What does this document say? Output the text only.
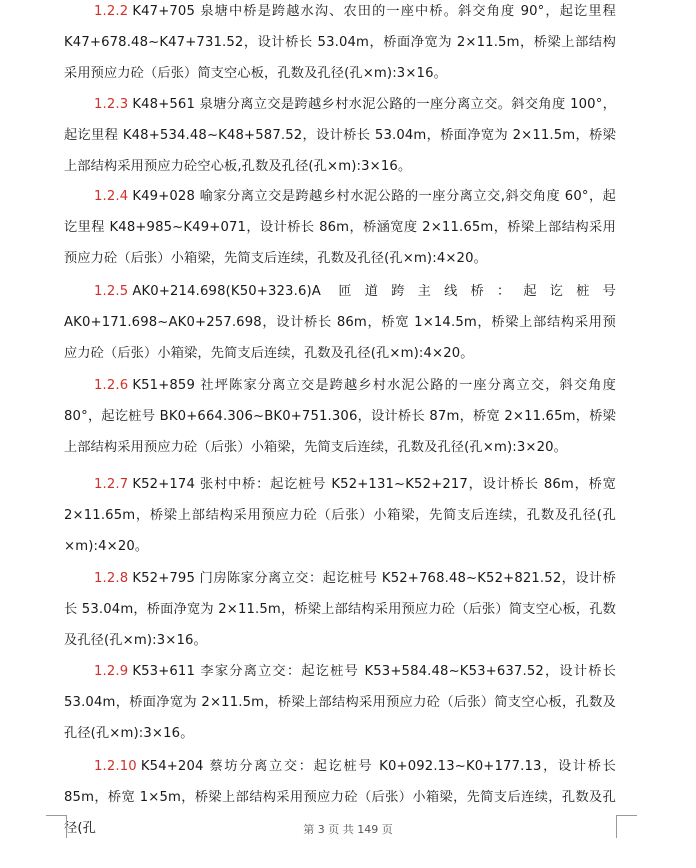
1.2.2 K47+705 泉塘中桥是跨越水沟、农田的一座中桥。斜交角度 90°，起讫里程 K47+678.48~K47+731.52，设计桥长 53.04m，桥面净宽为 2×11.5m，桥梁上部结构采用预应力砼（后张）简支空心板，孔数及孔径(孔×m):3×16。
1.2.3 K48+561 泉塘分离立交是跨越乡村水泥公路的一座分离立交。斜交角度 100°，起讫里程 K48+534.48~K48+587.52，设计桥长 53.04m，桥面净宽为 2×11.5m，桥梁上部结构采用预应力砼空心板,孔数及孔径(孔×m):3×16。
1.2.4 K49+028 喻家分离立交是跨越乡村水泥公路的一座分离立交,斜交角度 60°，起讫里程 K48+985~K49+071，设计桥长 86m，桥涵宽度 2×11.65m，桥梁上部结构采用预应力砼（后张）小箱梁，先简支后连续，孔数及孔径(孔×m):4×20。
1.2.5 AK0+214.698(K50+323.6)A 匝道跨主线桥：起讫桩号 AK0+171.698~AK0+257.698，设计桥长 86m，桥宽 1×14.5m，桥梁上部结构采用预应力砼（后张）小箱梁，先简支后连续，孔数及孔径(孔×m):4×20。
1.2.6 K51+859 社坪陈家分离立交是跨越乡村水泥公路的一座分离立交，斜交角度 80°，起讫桩号 BK0+664.306~BK0+751.306，设计桥长 87m，桥宽 2×11.65m，桥梁上部结构采用预应力砼（后张）小箱梁，先简支后连续，孔数及孔径(孔×m):3×20。
1.2.7 K52+174 张村中桥：起讫桩号 K52+131~K52+217，设计桥长 86m，桥宽 2×11.65m，桥梁上部结构采用预应力砼（后张）小箱梁，先简支后连续，孔数及孔径(孔×m):4×20。
1.2.8 K52+795 门房陈家分离立交：起讫桩号 K52+768.48~K52+821.52，设计桥长 53.04m，桥面净宽为 2×11.5m，桥梁上部结构采用预应力砼（后张）简支空心板，孔数及孔径(孔×m):3×16。
1.2.9 K53+611 李家分离立交：起讫桩号 K53+584.48~K53+637.52，设计桥长 53.04m，桥面净宽为 2×11.5m，桥梁上部结构采用预应力砼（后张）简支空心板，孔数及孔径(孔×m):3×16。
1.2.10 K54+204 蔡坊分离立交：起讫桩号 K0+092.13~K0+177.13，设计桥长 85m，桥宽 1×5m，桥梁上部结构采用预应力砼（后张）小箱梁，先简支后连续，孔数及孔径(孔	第 3 页 共 149 页
